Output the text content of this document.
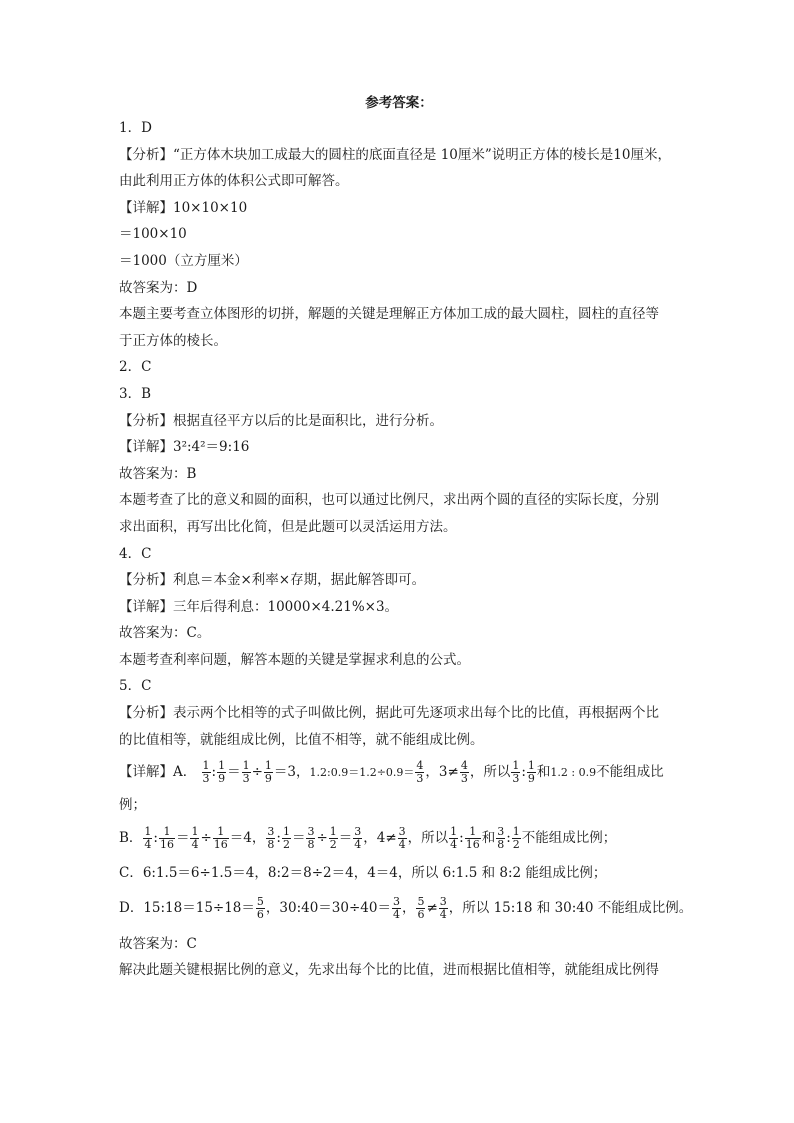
参考答案：
1．D
【分析】“正方体木块加工成最大的圆柱的底面直径是 10厘米”说明正方体的棱长是10厘米，
由此利用正方体的体积公式即可解答。
【详解】10×10×10
＝100×10
＝1000（立方厘米）
故答案为：D
本题主要考查立体图形的切拼，解题的关键是理解正方体加工成的最大圆柱，圆柱的直径等
于正方体的棱长。
2．C
3．B
【分析】根据直径平方以后的比是面积比，进行分析。
【详解】3²:4²＝9:16
故答案为：B
本题考查了比的意义和圆的面积，也可以通过比例尺，求出两个圆的直径的实际长度，分别
求出面积，再写出比化简，但是此题可以灵活运用方法。
4．C
【分析】利息＝本金×利率×存期，据此解答即可。
【详解】三年后得利息：10000×4.21%×3。
故答案为：C。
本题考查利率问题，解答本题的关键是掌握求利息的公式。
5．C
【分析】表示两个比相等的式子叫做比例，据此可先逐项求出每个比的比值，再根据两个比
的比值相等，就能组成比例，比值不相等，就不能组成比例。
【详解】A． $\frac{1}{3}$ : $\frac{1}{9} = \frac{1}{3} \div \frac{1}{9} =3$，1.2:0.9＝1.2÷0.9＝ $\frac{4}{3}$ ，$3\ne \frac{4}{3}$ ，所以 $\frac{1}{3}$ : $\frac{1}{9}$ 和1.2 : 0.9不能组成比
例；
B． $\frac{1}{4}$ : $\frac{1}{16} = \frac{1}{4} \div \frac{1}{16} =4$， $\frac{3}{8}$ : $\frac{1}{2} = \frac{3}{8} \div \frac{1}{2} = \frac{3}{4}$ ，$4\ne \frac{3}{4}$ ，所以 $\frac{1}{4}$ : $\frac{1}{16}$ 和 $\frac{3}{8}$ : $\frac{1}{2}$ 不能组成比例；
C．6:1.5＝6÷1.5＝4，8:2＝8÷2＝4，4＝4，所以 6:1.5 和 8:2 能组成比例；
D．15:18＝15÷18＝ $\frac{5}{6}$ ，30:40＝30÷40＝ $\frac{3}{4}$ ， $\frac{5}{6} \ne \frac{3}{4}$ ，所以 15:18 和 30:40 不能组成比例。
故答案为：C
解决此题关键根据比例的意义，先求出每个比的比值，进而根据比值相等，就能组成比例得
